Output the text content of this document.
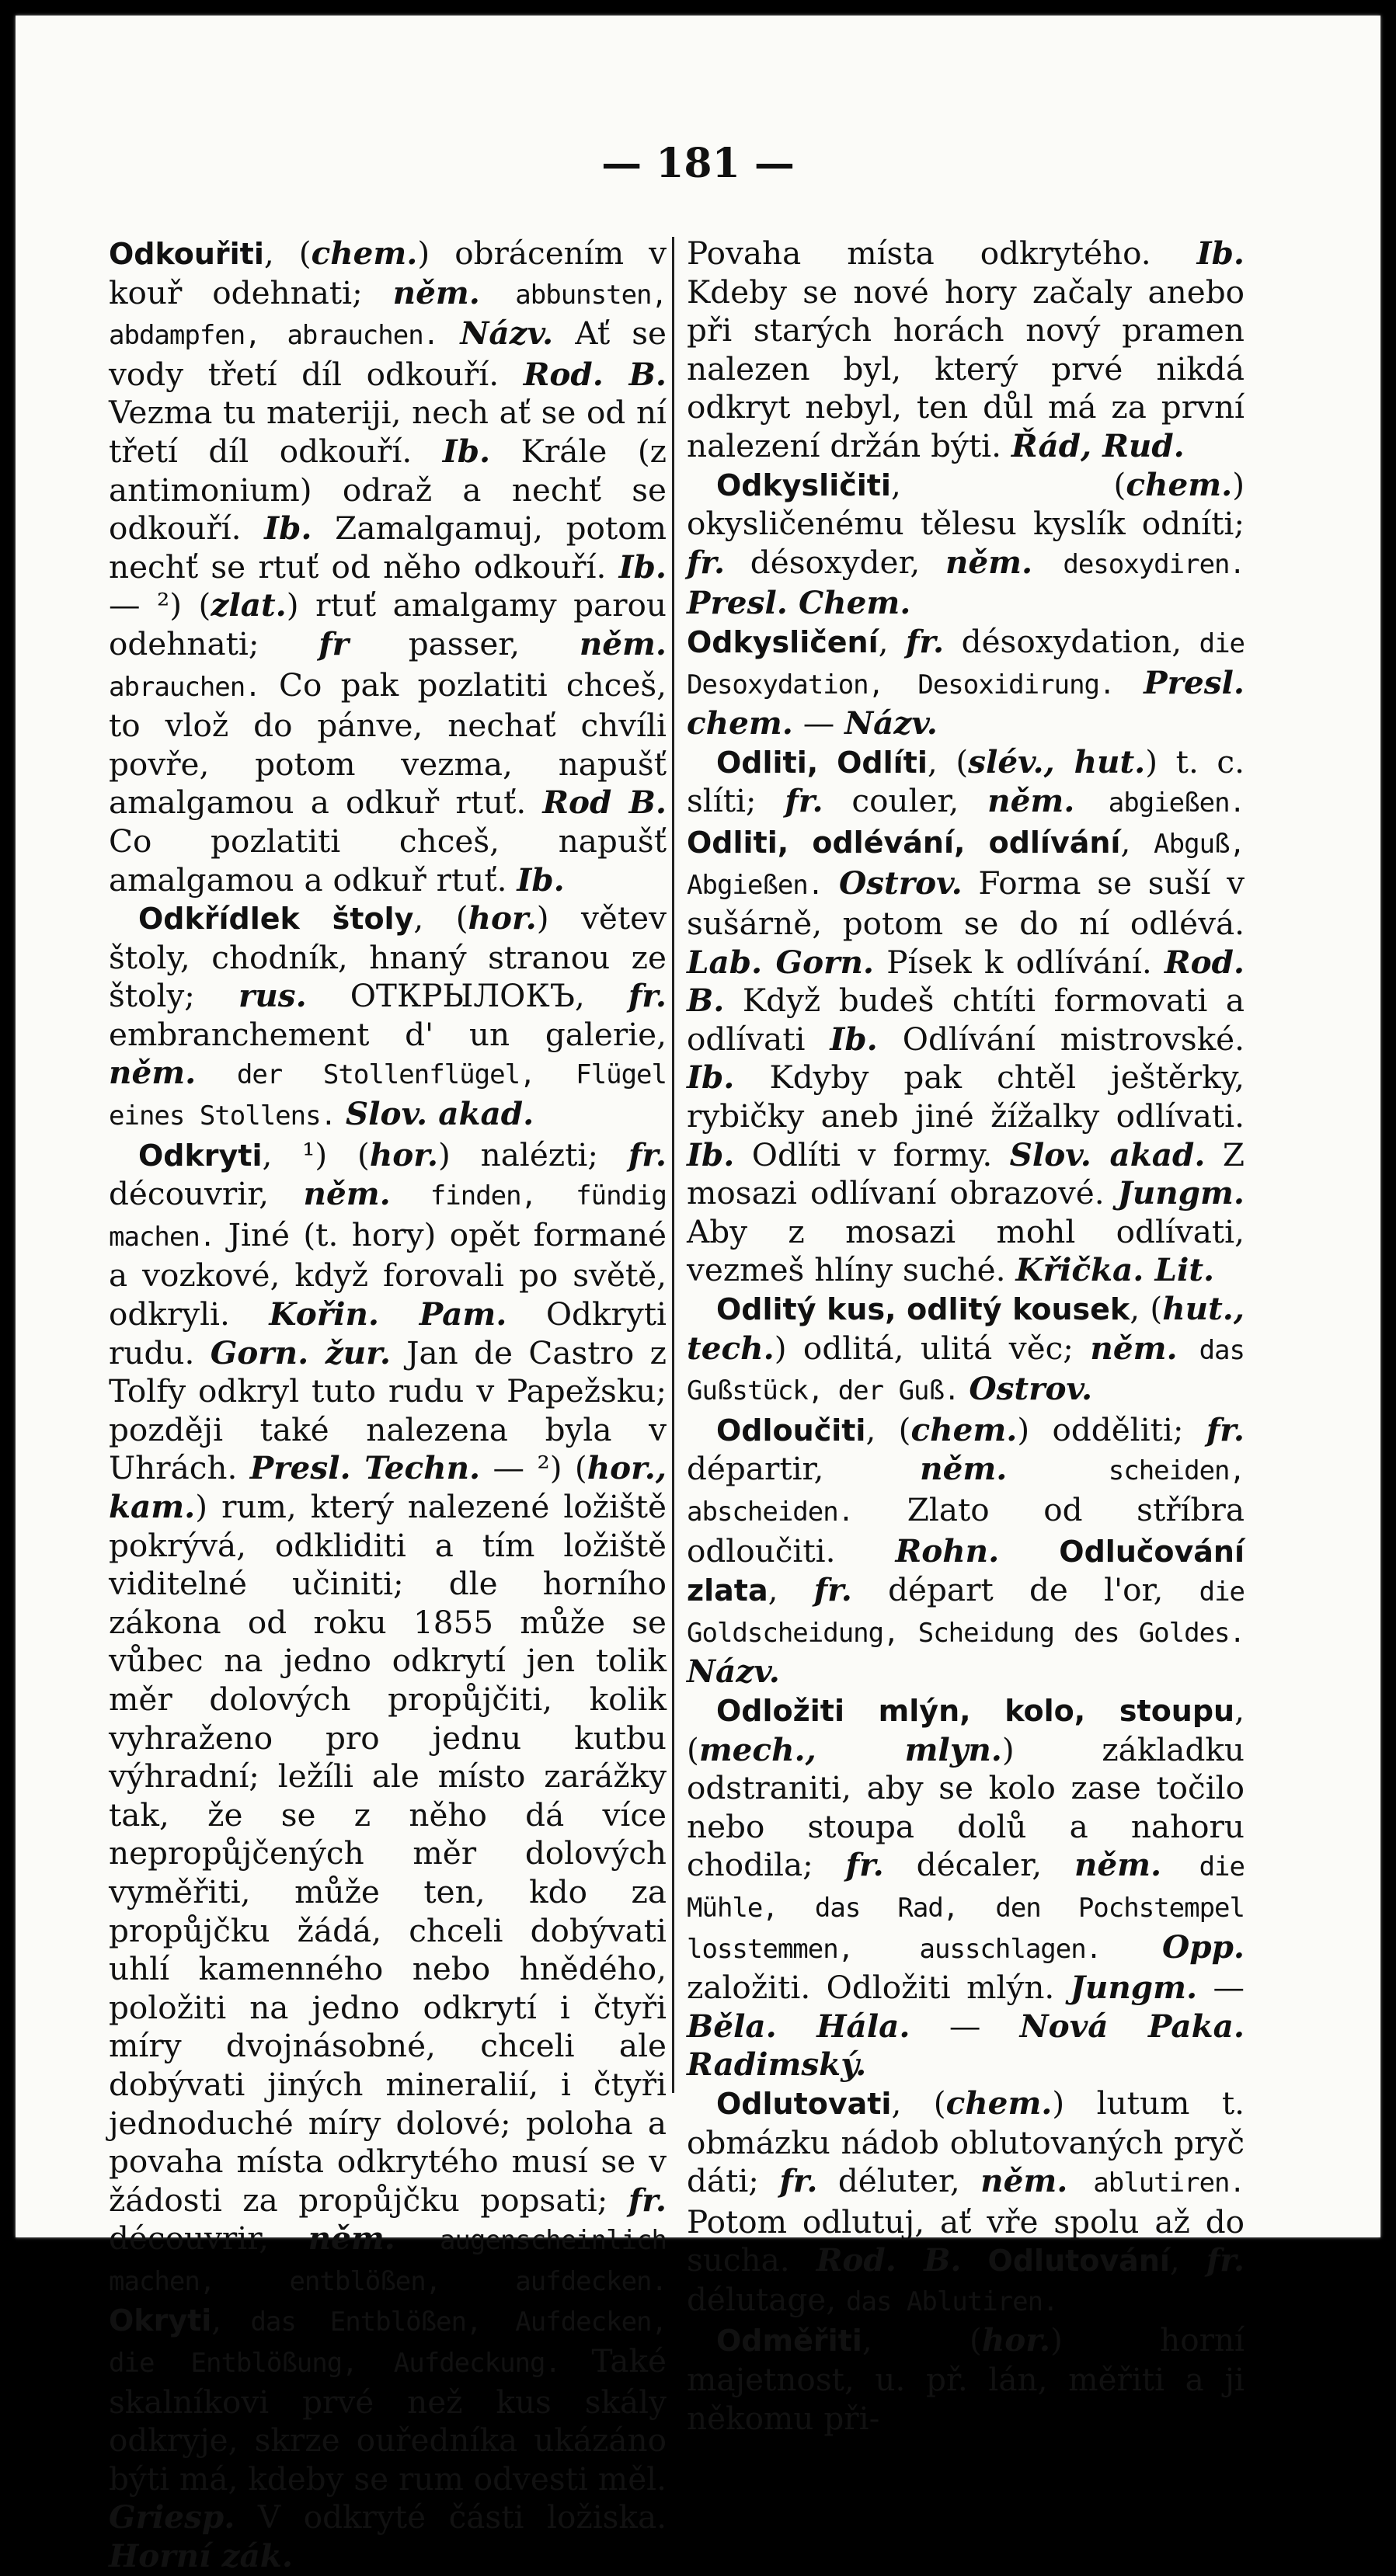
— 181 —
Odkouřiti, (chem.) obrácením v kouř odehnati; něm. abbunsten, abdampfen, abrauchen. Názv. Ať se vody třetí díl odkouří. Rod. B. Vezma tu materiji, nech ať se od ní třetí díl odkouří. Ib. Krále (z antimonium) odraž a nechť se odkouří. Ib. Zamalgamuj, potom nechť se rtuť od něho odkouří. Ib. — ²) (zlat.) rtuť amalgamy parou odehnati; fr passer, něm. abrauchen. Co pak pozlatiti chceš, to vlož do pánve, nechať chvíli povře, potom vezma, napušť amalgamou a odkuř rtuť. Rod B. Co pozlatiti chceš, napušť amalgamou a odkuř rtuť. Ib.
Odkřídlek štoly, (hor.) větev štoly, chodník, hnaný stranou ze štoly; rus. ОТКРЫЛОКЪ, fr. embranchement d' un galerie, něm. der Stollenflügel, Flügel eines Stollens. Slov. akad.
Odkryti, ¹) (hor.) nalézti; fr. découvrir, něm. finden, fündig machen. Jiné (t. hory) opět formané a vozkové, když forovali po světě, odkryli. Kořin. Pam. Odkryti rudu. Gorn. žur. Jan de Castro z Tolfy odkryl tuto rudu v Papežsku; později také nalezena byla v Uhrách. Presl. Techn. — ²) (hor., kam.) rum, který nalezené ložiště pokrývá, odkliditi a tím ložiště viditelné učiniti; dle horního zákona od roku 1855 může se vůbec na jedno odkrytí jen tolik měr dolových propůjčiti, kolik vyhraženo pro jednu kutbu výhradní; ležíli ale místo zarážky tak, že se z něho dá více nepropůjčených měr dolových vyměřiti, může ten, kdo za propůjčku žádá, chceli dobývati uhlí kamenného nebo hnědého, položiti na jedno odkrytí i čtyři míry dvojnásobné, chceli ale dobývati jiných mineralií, i čtyři jednoduché míry dolové; poloha a povaha místa odkrytého musí se v žádosti za propůjčku popsati; fr. découvrir, něm. augenscheinlich machen, entblößen, aufdecken. Okryti, das Entblößen, Aufdecken, die Entblößung, Aufdeckung. Také skalníkovi prvé než kus skály odkryje, skrze ouředníka ukázáno býti má, kdeby se rum odvesti měl. Griesp. V odkryté části ložiska. Horní zák.
Povaha místa odkrytého. Ib. Kdeby se nové hory začaly anebo při starých horách nový pramen nalezen byl, který prvé nikdá odkryt nebyl, ten důl má za první nalezení držán býti. Řád, Rud.
Odkysličiti, (chem.) okysličenému tělesu kyslík odníti; fr. désoxyder, něm. desoxydiren. Presl. Chem.
Odkysličení, fr. désoxydation, die Desoxydation, Desoxidirung. Presl. chem. — Názv.
Odliti, Odlíti, (slév., hut.) t. c. slíti; fr. couler, něm. abgießen. Odliti, odlévání, odlívání, Abguß, Abgießen. Ostrov. Forma se suší v sušárně, potom se do ní odlévá. Lab. Gorn. Písek k odlívání. Rod. B. Když budeš chtíti formovati a odlívati Ib. Odlívání mistrovské. Ib. Kdyby pak chtěl ještěrky, rybičky aneb jiné žížalky odlívati. Ib. Odlíti v formy. Slov. akad. Z mosazi odlívaní obrazové. Jungm. Aby z mosazi mohl odlívati, vezmeš hlíny suché. Křička. Lit.
Odlitý kus, odlitý kousek, (hut., tech.) odlitá, ulitá věc; něm. das Gußstück, der Guß. Ostrov.
Odloučiti, (chem.) odděliti; fr. départir, něm. scheiden, abscheiden. Zlato od stříbra odloučiti. Rohn. Odlučování zlata, fr. départ de l'or, die Goldscheidung, Scheidung des Goldes. Názv.
Odložiti mlýn, kolo, stoupu, (mech., mlyn.) základku odstraniti, aby se kolo zase točilo nebo stoupa dolů a nahoru chodila; fr. décaler, něm. die Mühle, das Rad, den Pochstempel losstemmen, ausschlagen. Opp. založiti. Odložiti mlýn. Jungm. — Běla. Hála. — Nová Paka. Radimský.
Odlutovati, (chem.) lutum t. obmázku nádob oblutovaných pryč dáti; fr. déluter, něm. ablutiren. Potom odlutuj, ať vře spolu až do sucha. Rod. B. Odlutování, fr. délutage, das Ablutiren.
Odměřiti, (hor.) horní majetnost, u. př. lán, měřiti a ji někomu při-
